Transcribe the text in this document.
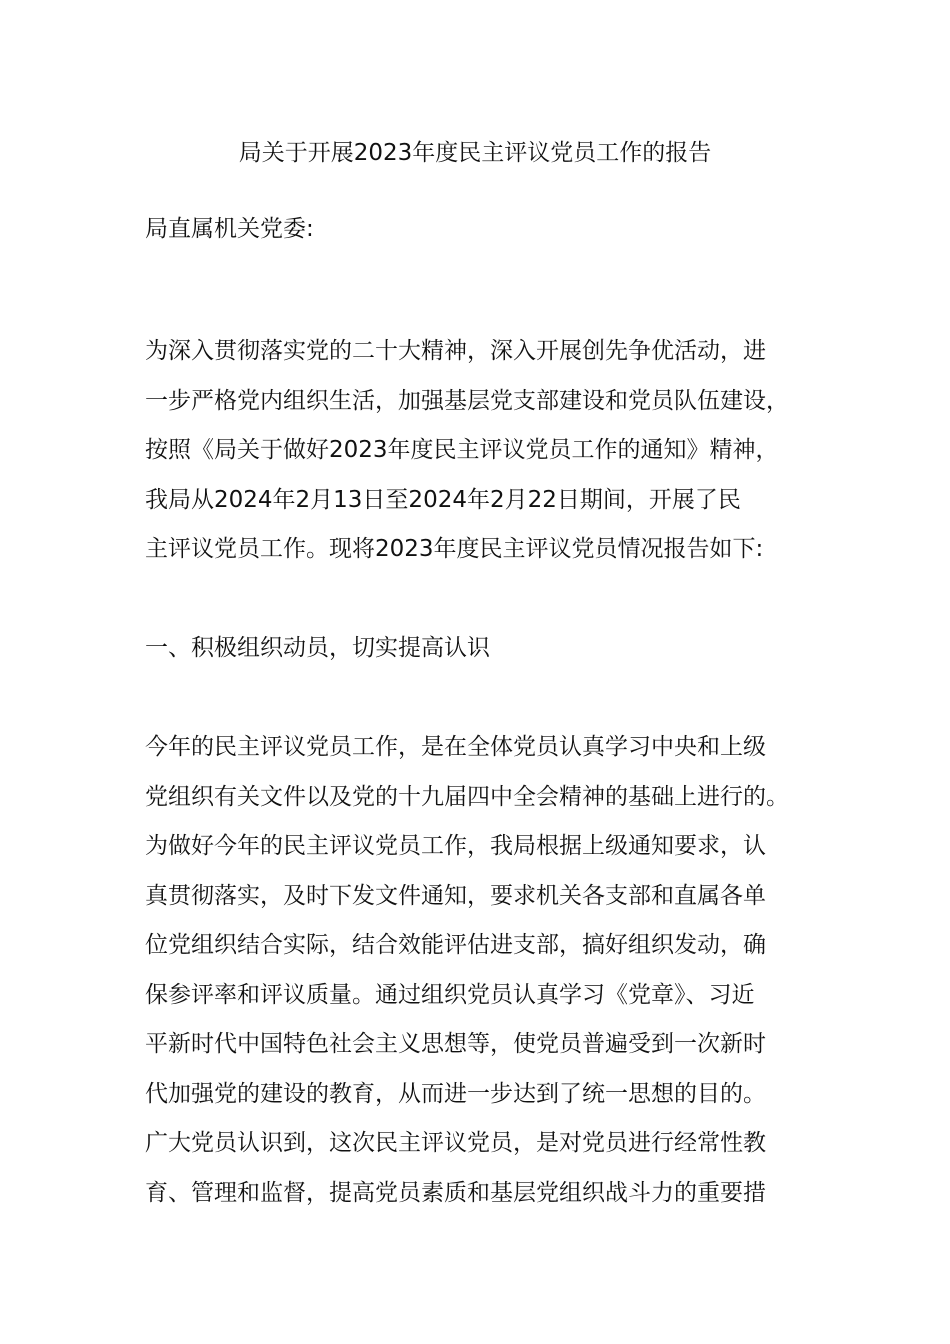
局关于开展2023年度民主评议党员工作的报告
局直属机关党委:
为深入贯彻落实党的二十大精神，深入开展创先争优活动，进
一步严格党内组织生活，加强基层党支部建设和党员队伍建设，
按照《局关于做好2023年度民主评议党员工作的通知》精神，
我局从2024年2月13日至2024年2月22日期间，开展了民
主评议党员工作。现将2023年度民主评议党员情况报告如下:
一、积极组织动员，切实提高认识
今年的民主评议党员工作，是在全体党员认真学习中央和上级
党组织有关文件以及党的十九届四中全会精神的基础上进行的。
为做好今年的民主评议党员工作，我局根据上级通知要求，认
真贯彻落实，及时下发文件通知，要求机关各支部和直属各单
位党组织结合实际，结合效能评估进支部，搞好组织发动，确
保参评率和评议质量。通过组织党员认真学习《党章》、习近
平新时代中国特色社会主义思想等，使党员普遍受到一次新时
代加强党的建设的教育，从而进一步达到了统一思想的目的。
广大党员认识到，这次民主评议党员，是对党员进行经常性教
育、管理和监督，提高党员素质和基层党组织战斗力的重要措
